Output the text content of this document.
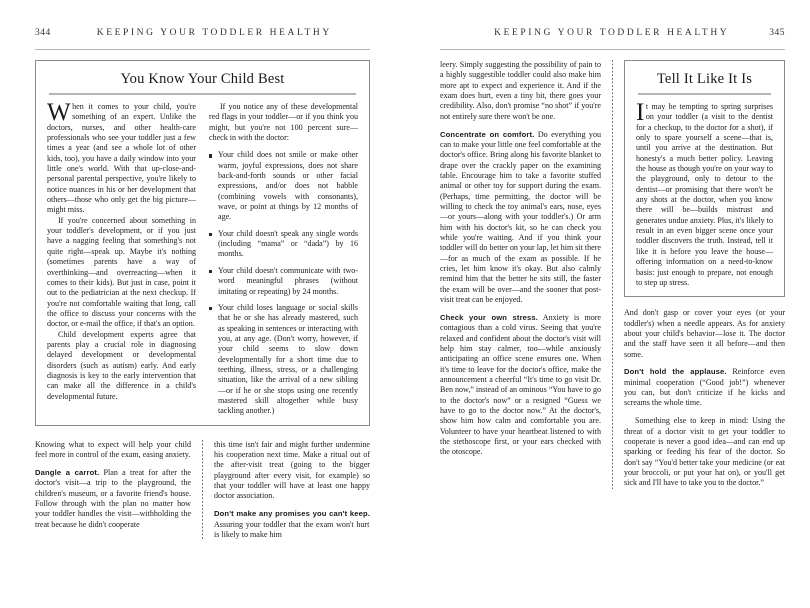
344	KEEPING YOUR TODDLER HEALTHY
You Know Your Child Best

When it comes to your child, you're something of an expert. Unlike the doctors, nurses, and other health-care professionals who see your toddler just a few times a year (and see a whole lot of other kids, too), you have a daily window into your little one's world. With that up-close-and-personal parental perspective, you're likely to notice nuances in his or her development that others—those who only get the big picture—might miss.

If you're concerned about something in your toddler's development, or if you just have a nagging feeling that something's not quite right—speak up. Maybe it's nothing (sometimes parents have a way of overthinking—and overreacting—when it comes to their kids). But just in case, point it out to the pediatrician at the next checkup. If you're not comfortable waiting that long, call the office to discuss your concerns with the doctor, or e-mail the office, if that's an option.

Child development experts agree that parents play a crucial role in diagnosing delayed development or developmental disorders (such as autism) early. And early diagnosis is key to the early intervention that can make all the difference in a child's developmental future.

If you notice any of these developmental red flags in your toddler—or if you think you might, but you're not 100 percent sure—check in with the doctor:

Your child does not smile or make other warm, joyful expressions, does not share back-and-forth sounds or other facial expressions, and/or does not babble (combining vowels with consonants), wave, or point at things by 12 months of age.
Your child doesn't speak any single words (including “mama” or “dada”) by 16 months.
Your child doesn't communicate with two-word meaningful phrases (without imitating or repeating) by 24 months.
Your child loses language or social skills that he or she has already mastered, such as speaking in sentences or interacting with you, at any age. (Don't worry, however, if your child seems to slow down developmentally for a short time due to teething, illness, stress, or a challenging situation, like the arrival of a new sibling—or if he or she stops using one recently mastered skill altogether while busy tackling another.)

Knowing what to expect will help your child feel more in control of the exam, easing anxiety.

Dangle a carrot. Plan a treat for after the doctor's visit—a trip to the playground, the children's museum, or a favorite friend's house. Follow through with the plan no matter how your toddler handles the visit—withholding the treat because he didn't cooperate

this time isn't fair and might further undermine his cooperation next time. Make a ritual out of the after-visit treat (going to the bigger playground after every visit, for example) so that your toddler will have at least one happy doctor association.

Don't make any promises you can't keep. Assuring your toddler that the exam won't hurt is likely to make him

KEEPING YOUR TODDLER HEALTHY	345

leery. Simply suggesting the possibility of pain to a highly suggestible toddler could also make him more apt to expect and experience it. And if the exam does hurt, even a tiny bit, there goes your credibility. Also, don't promise “no shot” if you're not entirely sure there won't be one.

Concentrate on comfort. Do everything you can to make your little one feel comfortable at the doctor's office. Bring along his favorite blanket to drape over the crackly paper on the examining table. Encourage him to take a favorite stuffed animal or other toy for support during the exam. (Perhaps, time permitting, the doctor will be willing to check the toy animal's ears, nose, eyes—or yours—along with your toddler's.) Or arm him with his doctor's kit, so he can check you while you're waiting. And if you think your toddler will do better on your lap, let him sit there—for as much of the exam as possible. If he cries, let him know it's okay. But also calmly remind him that the better he sits still, the faster the exam will be over—and the sooner that post-visit treat can be enjoyed.

Check your own stress. Anxiety is more contagious than a cold virus. Seeing that you're relaxed and confident about the doctor's visit will help him stay calmer, too—while anxiously anticipating an office scene ensures one. When it's time to leave for the doctor's office, make the announcement a cheerful “It's time to go visit Dr. Ben now,” instead of an ominous “You have to go to the doctor's now” or a resigned “Guess we have to go to the doctor now.” At the doctor's, show him how calm and comfortable you are. Volunteer to have your heartbeat listened to with the stethoscope first, or your ears checked with the otoscope.

Tell It Like It Is

It may be tempting to spring surprises on your toddler (a visit to the dentist for a checkup, to the doctor for a shot), if only to spare yourself a scene—that is, until you arrive at the destination. But honesty's a much better policy. Leaving the house as though you're on your way to the playground, only to detour to the dentist—or promising that there won't be any shots at the doctor, when you know there will be—builds mistrust and generates undue anxiety. Plus, it's likely to result in an even bigger scene once your toddler discovers the truth. Instead, tell it like it is before you leave the house—offering information on a need-to-know basis: just enough to prepare, not enough to step up stress.

And don't gasp or cover your eyes (or your toddler's) when a needle appears. As for anxiety about your child's behavior—lose it. The doctor and the staff have seen it all before—and then some.

Don't hold the applause. Reinforce even minimal cooperation (“Good job!”) whenever you can, but don't criticize if he kicks and screams the whole time.

Something else to keep in mind: Using the threat of a doctor visit to get your toddler to cooperate is never a good idea—and can end up sparking or feeding his fear of the doctor. So don't say “You'd better take your medicine (or eat your broccoli, or put your hat on), or you'll get sick and I'll have to take you to the doctor.”
